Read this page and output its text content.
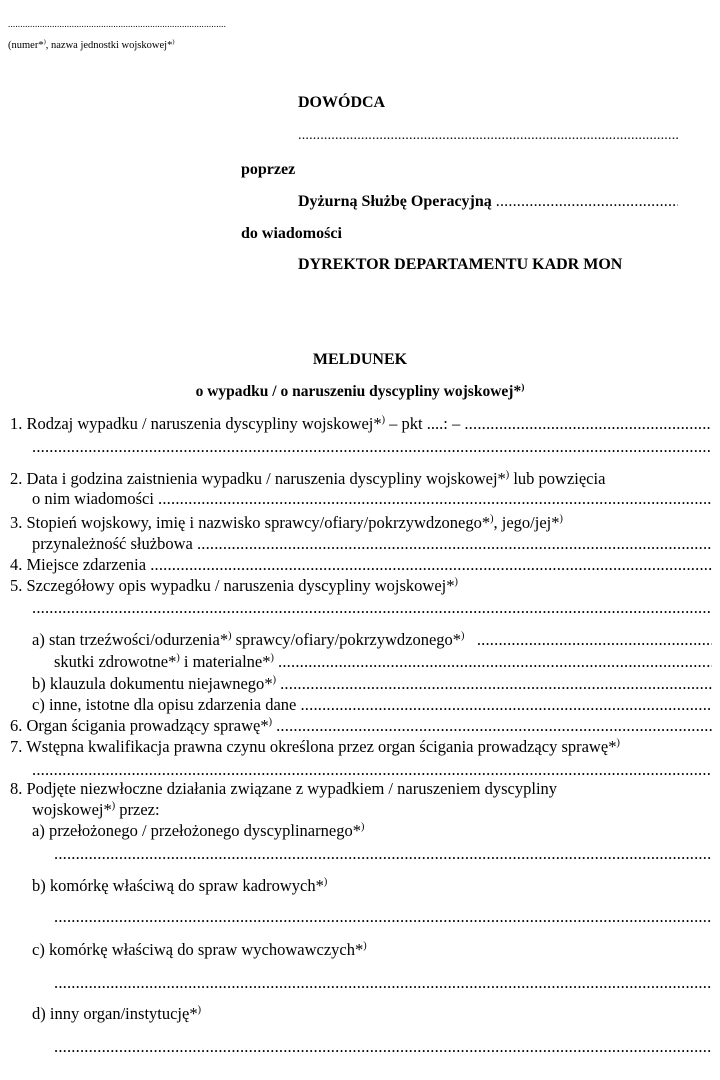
.....
(numer*), nazwa jednostki wojskowej*)
DOWÓDCA
.....
poprzez
Dyżurną Służbę Operacyjną

.....
do wiadomości
DYREKTOR DEPARTAMENTU KADR MON
MELDUNEK
o wypadku / o naruszeniu dyscypliny wojskowej*)
1. Rodzaj wypadku / naruszenia dyscypliny wojskowej*) – pkt ....: –

.....
.....
2. Data i godzina zaistnienia wypadku / naruszenia dyscypliny wojskowej*) lub powzięcia
o nim wiadomości

.....
3. Stopień wojskowy, imię i nazwisko sprawcy/ofiary/pokrzywdzonego*), jego/jej*)
przynależność służbowa

.....
4. Miejsce zdarzenia

.....
5. Szczegółowy opis wypadku / naruszenia dyscypliny wojskowej*)
.....
a) stan trzeźwości/odurzenia*) sprawcy/ofiary/pokrzywdzonego*)

.....
skutki zdrowotne*) i materialne*)

.....
b) klauzula dokumentu niejawnego*)

.....
c) inne, istotne dla opisu zdarzenia dane

.....
6. Organ ścigania prowadzący sprawę*)

.....
7. Wstępna kwalifikacja prawna czynu określona przez organ ścigania prowadzący sprawę*)
.....
8. Podjęte niezwłoczne działania związane z wypadkiem / naruszeniem dyscypliny
wojskowej*) przez:
a) przełożonego / przełożonego dyscyplinarnego*)
.....
b) komórkę właściwą do spraw kadrowych*)
.....
c) komórkę właściwą do spraw wychowawczych*)
.....
d) inny organ/instytucję*)
.....
